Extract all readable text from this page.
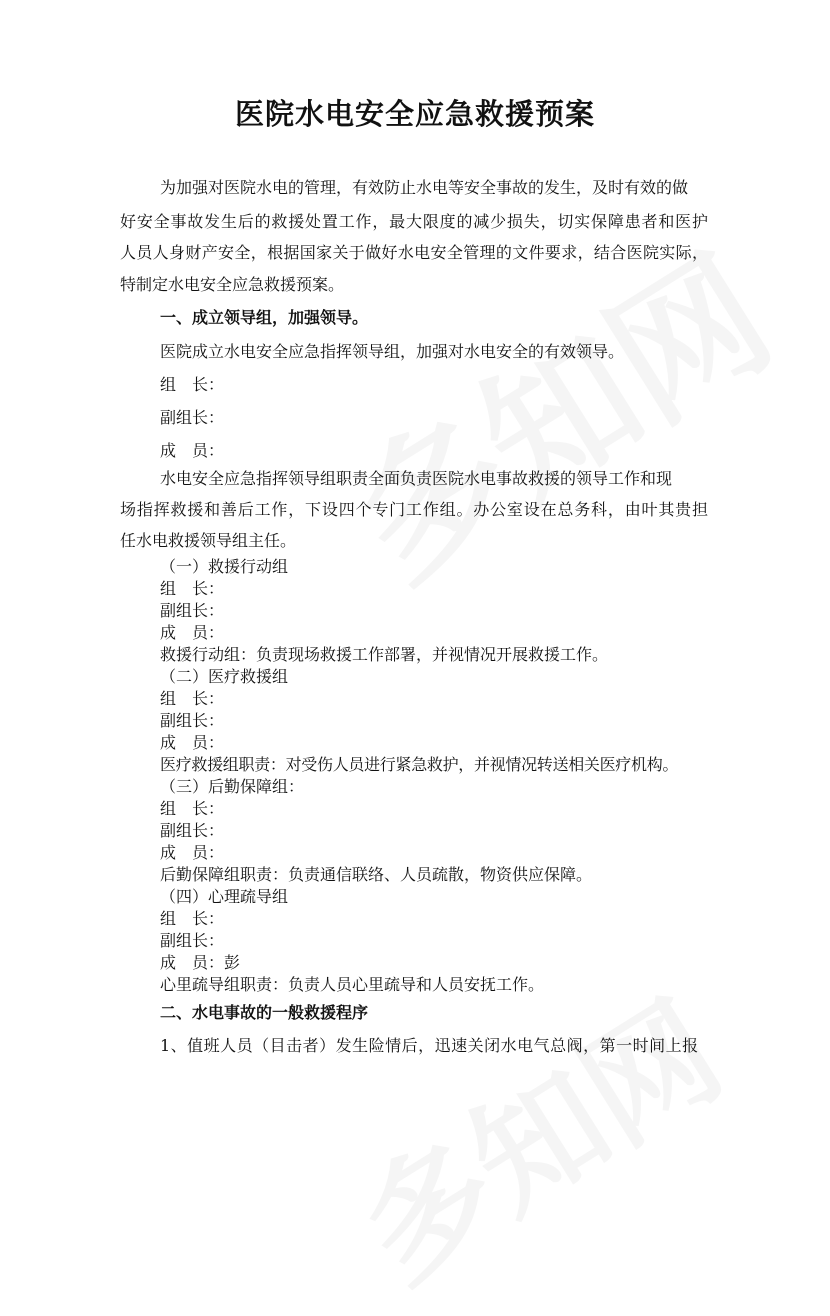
医院水电安全应急救援预案
为加强对医院水电的管理，有效防止水电等安全事故的发生，及时有效的做
好安全事故发生后的救援处置工作，最大限度的减少损失，切实保障患者和医护
人员人身财产安全，根据国家关于做好水电安全管理的文件要求，结合医院实际，
特制定水电安全应急救援预案。
一、成立领导组，加强领导。
医院成立水电安全应急指挥领导组，加强对水电安全的有效领导。
组　长：
副组长：
成　员：
水电安全应急指挥领导组职责全面负责医院水电事故救援的领导工作和现
场指挥救援和善后工作，下设四个专门工作组。办公室设在总务科，由叶其贵担
任水电救援领导组主任。
（一）救援行动组
组　长：
副组长：
成　员：
救援行动组：负责现场救援工作部署，并视情况开展救援工作。
（二）医疗救援组
组　长：
副组长：
成　员：
医疗救援组职责：对受伤人员进行紧急救护，并视情况转送相关医疗机构。
（三）后勤保障组：
组　长：
副组长：
成　员：
后勤保障组职责：负责通信联络、人员疏散，物资供应保障。
（四）心理疏导组
组　长：
副组长：
成　员：彭
心里疏导组职责：负责人员心里疏导和人员安抚工作。
二、水电事故的一般救援程序
1、值班人员（目击者）发生险情后，迅速关闭水电气总阀，第一时间上报
